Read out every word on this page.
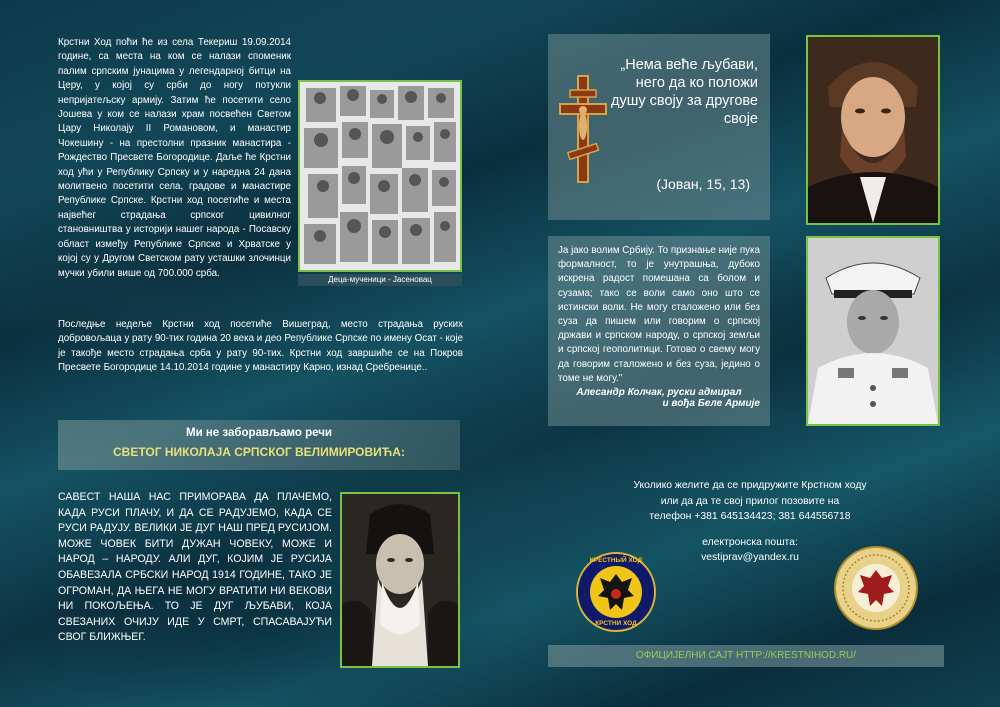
Крстни Ход поћи ће из села Текериш 19.09.2014 године, са места на ком се налази споменик палим српским јунацима у легендарној битци на Церу, у којој су срби до ногу потукли непријатељску армију. Затим ће посетити село Јошева у ком се налази храм посвећен Светом Цару Николају II Романовом, и манастир Чокешину - на престолни празник манастира - Рождество Пресвете Богородице. Даље ће Крстни ход ући у Републику Српску и у наредна 24 дана молитвено посетити села, градове и манастире Републике Српске. Крстни ход посетиће и места највећег страдања српског цивилног становништва у историји нашег народа - Посавску област између Републике Српске и Хрватске у којој су у Другом Светском рату усташки злочинци мучки убили више од 700.000 срба.

Деца-мученици - Јасеновац

Последње недеље Крстни ход посетиће Вишеград, место страдања руских добровољаца у рату 90-тих година 20 века и део Републике Српске по имену Осат - које је такође место страдања срба у рату 90-тих. Крстни ход завршиће се на Покров Пресвете Богородице 14.10.2014 године у манастиру Карно, изнад Сребренице..

Ми не заборављамо речи
СВЕТОГ НИКОЛАЈА СРПСКОГ ВЕЛИМИРОВИЋА:

САВЕСТ НАША НАС ПРИМОРАВА ДА ПЛАЧЕМО, КАДА РУСИ ПЛАЧУ, И ДА СЕ РАДУЈЕМО, КАДА СЕ РУСИ РАДУЈУ. ВЕЛИКИ ЈЕ ДУГ НАШ ПРЕД РУСИЈОМ. МОЖЕ ЧОВЕК БИТИ ДУЖАН ЧОВЕКУ, МОЖЕ И НАРОД – НАРОДУ. АЛИ ДУГ, КОЈИМ ЈЕ РУСИЈА ОБАВЕЗАЛА СРБСКИ НАРОД 1914 ГОДИНЕ, ТАКО ЈЕ ОГРОМАН, ДА ЊЕГА НЕ МОГУ ВРАТИТИ НИ ВЕКОВИ НИ ПОКОЉЕЊА. ТО ЈЕ ДУГ ЉУБАВИ, КОЈА СВЕЗАНИХ ОЧИЈУ ИДЕ У СМРТ, СПАСАВАЈУЋИ СВОГ БЛИЖЊЕГ.

„Нема веће љубави, него да ко положи душу своју за другове своје
(Јован, 15, 13)

Ја јако волим Србију. То признање није пука формалност, то је унутрашња, дубоко искрена радост помешана са болом и сузама; тако се воли само оно што се истински воли. Не могу сталожено или без суза да пишем или говорим о српској држави и српском народу, о српској земљи и српској геополитици. Готово о свему могу да говорим сталожено и без суза, једино о томе не могу."

Алесандр Колчак, руски адмирал
и вођа Беле Армије
Уколико желите да се придружите Крстном ходу
или да да те свој прилог позовите на
телефон +381 645134423; 381 644556718
електронска пошта:
vestiprav@yandex.ru
КРЕСТНЫЙ ХОД
КРСТНИ ХОД
ОФИЦИЈЕЛНИ САЈТ HTTP://KRESTNIHOD.RU/
